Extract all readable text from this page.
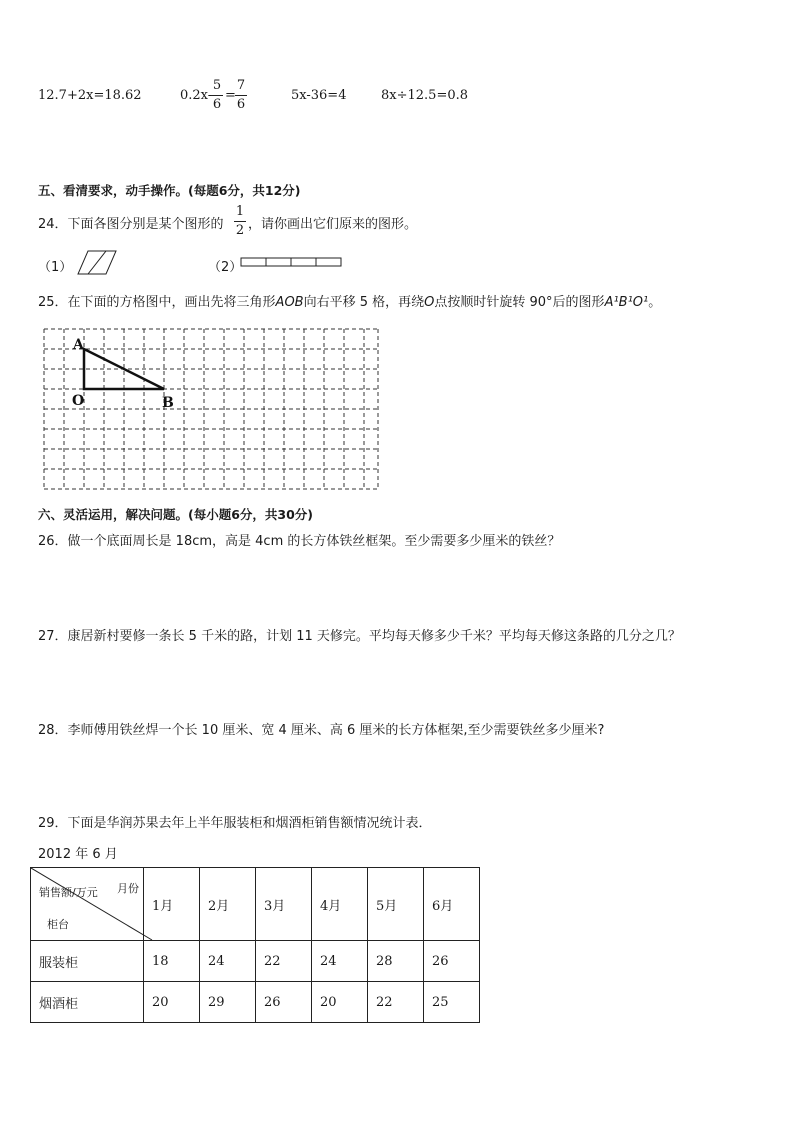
12.7+2x=18.62	0.2x-
5
6
=
7
6
5x-36=4	8x÷12.5=0.8
五、看清要求，动手操作。(每题6分，共12分)
24．下面各图分别是某个图形的
1
2 ，请你画出它们原来的图形。
（1）	（2）
25．在下面的方格图中，画出先将三角形AOB向右平移 5 格，再绕O点按顺时针旋转 90°后的图形A¹B¹O¹。
A
O	B
六、灵活运用，解决问题。(每小题6分，共30分)
26．做一个底面周长是 18cm，高是 4cm 的长方体铁丝框架。至少需要多少厘米的铁丝？
27．康居新村要修一条长 5 千米的路，计划 11 天修完。平均每天修多少千米？平均每天修这条路的几分之几？
28．李师傅用铁丝焊一个长 10 厘米、宽 4 厘米、高 6 厘米的长方体框架,至少需要铁丝多少厘米?
29．下面是华润苏果去年上半年服装柜和烟酒柜销售额情况统计表．
2012 年 6 月
销售额/万元 月份
柜台	1月	2月	3月	4月	5月	6月
服装柜	18	24	22	24	28	26
烟酒柜	20	29	26	20	22	25
